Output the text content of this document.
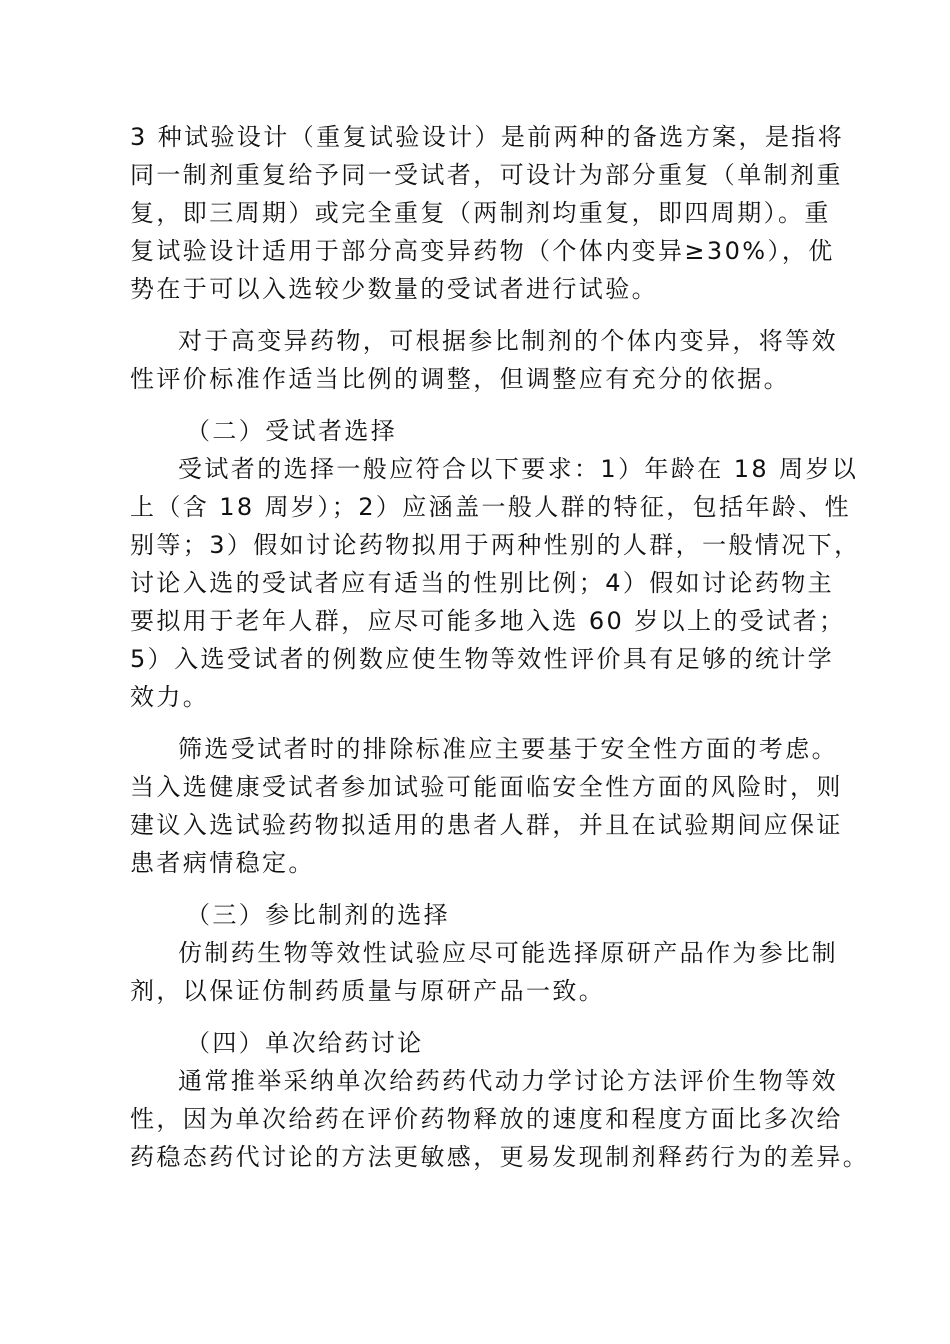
3 种试验设计（重复试验设计）是前两种的备选方案，是指将
同一制剂重复给予同一受试者，可设计为部分重复（单制剂重
复，即三周期）或完全重复（两制剂均重复，即四周期）。重
复试验设计适用于部分高变异药物（个体内变异≥30%），优
势在于可以入选较少数量的受试者进行试验。
对于高变异药物，可根据参比制剂的个体内变异，将等效
性评价标准作适当比例的调整，但调整应有充分的依据。
（二）受试者选择
受试者的选择一般应符合以下要求：1）年龄在 18 周岁以
上（含 18 周岁）；2）应涵盖一般人群的特征，包括年龄、性
别等；3）假如讨论药物拟用于两种性别的人群，一般情况下，
讨论入选的受试者应有适当的性别比例；4）假如讨论药物主
要拟用于老年人群，应尽可能多地入选 60 岁以上的受试者；
5）入选受试者的例数应使生物等效性评价具有足够的统计学
效力。
筛选受试者时的排除标准应主要基于安全性方面的考虑。
当入选健康受试者参加试验可能面临安全性方面的风险时，则
建议入选试验药物拟适用的患者人群，并且在试验期间应保证
患者病情稳定。
（三）参比制剂的选择
仿制药生物等效性试验应尽可能选择原研产品作为参比制
剂，以保证仿制药质量与原研产品一致。
（四）单次给药讨论
通常推举采纳单次给药药代动力学讨论方法评价生物等效
性，因为单次给药在评价药物释放的速度和程度方面比多次给
药稳态药代讨论的方法更敏感，更易发现制剂释药行为的差异。
